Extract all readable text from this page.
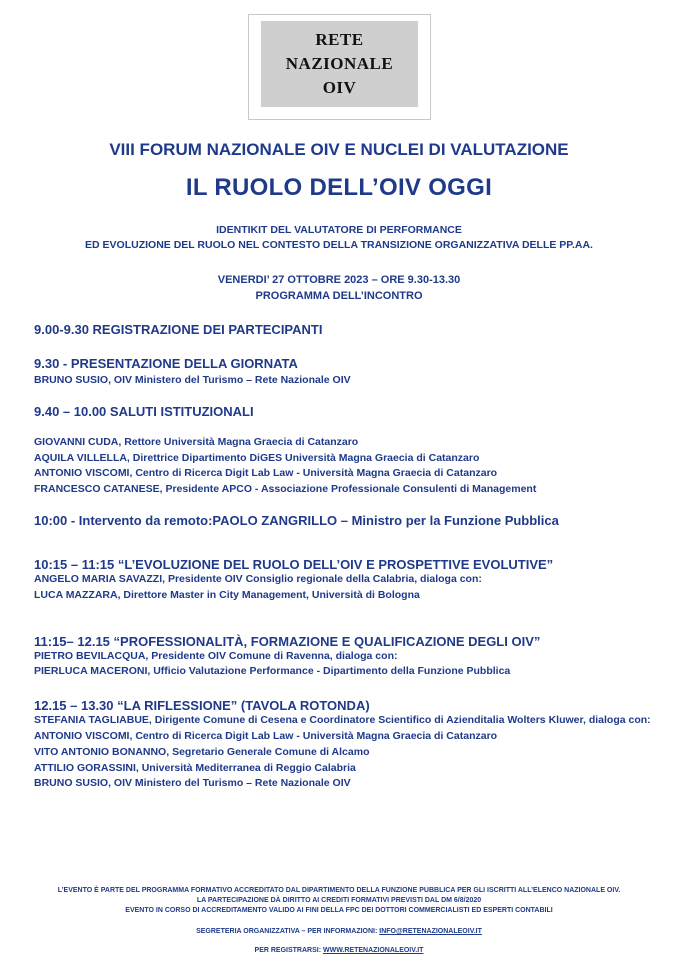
RETE
NAZIONALE
OIV
VIII FORUM NAZIONALE OIV E NUCLEI DI VALUTAZIONE
IL RUOLO DELL’OIV OGGI
IDENTIKIT DEL VALUTATORE DI PERFORMANCE
ED EVOLUZIONE DEL RUOLO NEL CONTESTO DELLA TRANSIZIONE ORGANIZZATIVA DELLE PP.AA.
VENERDI’ 27 OTTOBRE 2023 – ORE 9.30-13.30
PROGRAMMA DELL’INCONTRO
9.00-9.30 REGISTRAZIONE DEI PARTECIPANTI
9.30 - PRESENTAZIONE DELLA GIORNATA
BRUNO SUSIO, OIV Ministero del Turismo – Rete Nazionale OIV
9.40 – 10.00 SALUTI ISTITUZIONALI
GIOVANNI CUDA, Rettore Università Magna Graecia di Catanzaro
AQUILA VILLELLA, Direttrice Dipartimento DiGES Università Magna Graecia di Catanzaro
ANTONIO VISCOMI, Centro di Ricerca Digit Lab Law - Università Magna Graecia di Catanzaro
FRANCESCO CATANESE, Presidente APCO - Associazione Professionale Consulenti di Management
10:00 - Intervento da remoto:PAOLO ZANGRILLO – Ministro per la Funzione Pubblica
10:15 – 11:15 “L’EVOLUZIONE DEL RUOLO DELL’OIV E PROSPETTIVE EVOLUTIVE”
ANGELO MARIA SAVAZZI, Presidente OIV Consiglio regionale della Calabria, dialoga con:
LUCA MAZZARA, Direttore Master in City Management, Università di Bologna
11:15– 12.15 “PROFESSIONALITÀ, FORMAZIONE E QUALIFICAZIONE DEGLI OIV”
PIETRO BEVILACQUA, Presidente OIV Comune di Ravenna, dialoga con:
PIERLUCA MACERONI, Ufficio Valutazione Performance - Dipartimento della Funzione Pubblica
12.15 – 13.30 “LA RIFLESSIONE” (TAVOLA ROTONDA)
STEFANIA TAGLIABUE, Dirigente Comune di Cesena e Coordinatore Scientifico di Azienditalia Wolters Kluwer, dialoga con:
ANTONIO VISCOMI, Centro di Ricerca Digit Lab Law - Università Magna Graecia di Catanzaro
VITO ANTONIO BONANNO, Segretario Generale Comune di Alcamo
ATTILIO GORASSINI, Università Mediterranea di Reggio Calabria
BRUNO SUSIO, OIV Ministero del Turismo – Rete Nazionale OIV
L’EVENTO È PARTE DEL PROGRAMMA FORMATIVO ACCREDITATO DAL DIPARTIMENTO DELLA FUNZIONE PUBBLICA PER GLI ISCRITTI ALL’ELENCO NAZIONALE OIV.
LA PARTECIPAZIONE DÀ DIRITTO AI CREDITI FORMATIVI PREVISTI DAL DM 6/8/2020
EVENTO IN CORSO DI ACCREDITAMENTO VALIDO AI FINI DELLA FPC DEI DOTTORI COMMERCIALISTI ED ESPERTI CONTABILI
SEGRETERIA ORGANIZZATIVA – PER INFORMAZIONI: INFO@RETENAZIONALEOIV.IT
PER REGISTRARSI: WWW.RETENAZIONALEOIV.IT
